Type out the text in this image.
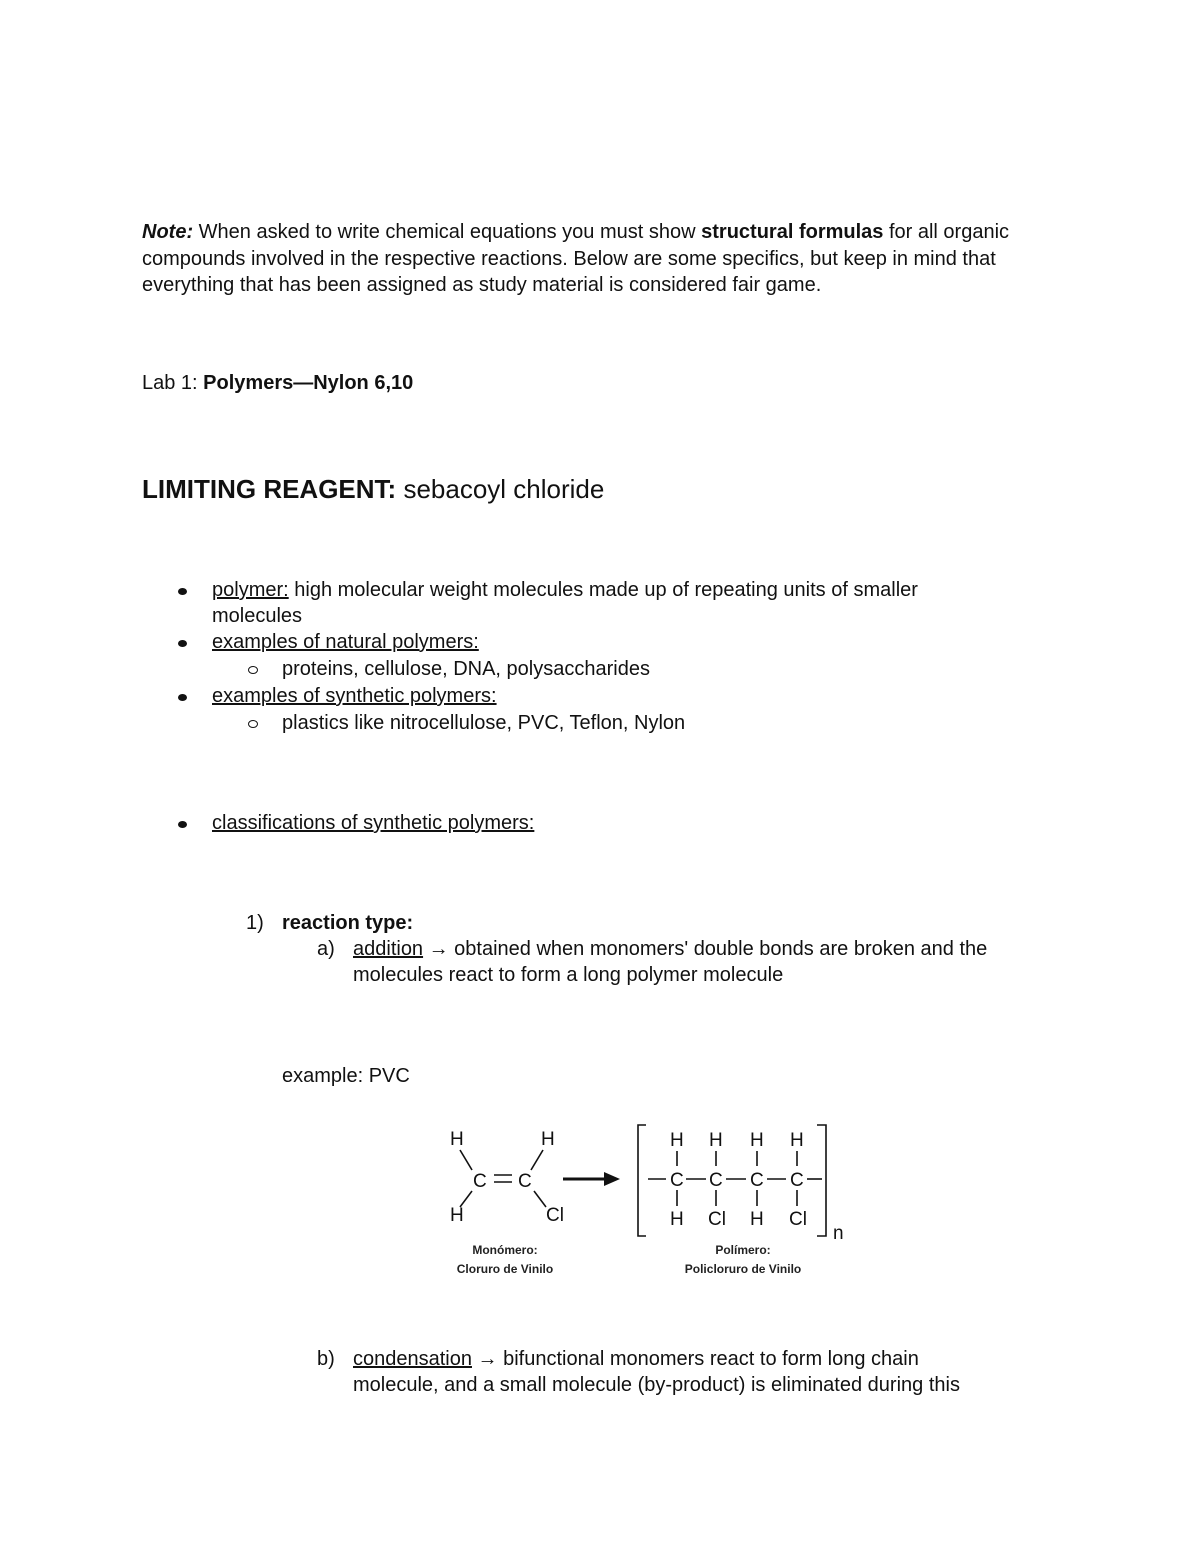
Note: When asked to write chemical equations you must show structural formulas for all organic compounds involved in the respective reactions. Below are some specifics, but keep in mind that everything that has been assigned as study material is considered fair game.
Lab 1: Polymers—Nylon 6,10
LIMITING REAGENT: sebacoyl chloride
polymer: high molecular weight molecules made up of repeating units of smaller
molecules
examples of natural polymers:
proteins, cellulose, DNA, polysaccharides
examples of synthetic polymers:
plastics like nitrocellulose, PVC, Teflon, Nylon
classifications of synthetic polymers:
1) reaction type:
a) addition → obtained when monomers' double bonds are broken and the
molecules react to form a long polymer molecule
example: PVC
H	H
C C
H	Cl
H H H H
C C C C
H Cl H Cl
n
Monómero:
Cloruro de Vinilo
Polímero:
Policloruro de Vinilo
b) condensation → bifunctional monomers react to form long chain
molecule, and a small molecule (by-product) is eliminated during this
